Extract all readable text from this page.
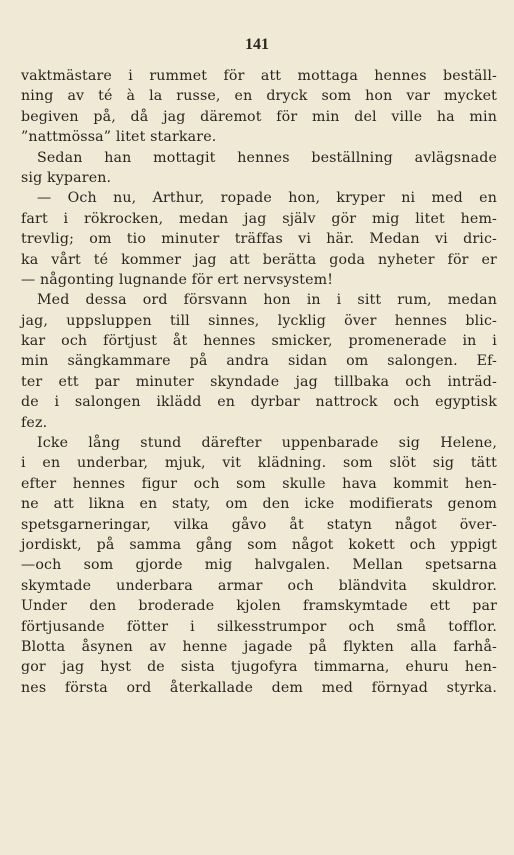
141
vaktmästare i rummet för att mottaga hennes beställ-
ning av té à la russe, en dryck som hon var mycket
begiven på, då jag däremot för min del ville ha min
”nattmössa” litet starkare.
Sedan han mottagit hennes beställning avlägsnade
sig kyparen.
— Och nu, Arthur, ropade hon, kryper ni med en
fart i rökrocken, medan jag själv gör mig litet hem-
trevlig; om tio minuter träffas vi här. Medan vi dric-
ka vårt té kommer jag att berätta goda nyheter för er
— någonting lugnande för ert nervsystem!
Med dessa ord försvann hon in i sitt rum, medan
jag, uppsluppen till sinnes, lycklig över hennes blic-
kar och förtjust åt hennes smicker, promenerade in i
min sängkammare på andra sidan om salongen. Ef-
ter ett par minuter skyndade jag tillbaka och inträd-
de i salongen iklädd en dyrbar nattrock och egyptisk
fez.
Icke lång stund därefter uppenbarade sig Helene,
i en underbar, mjuk, vit klädning. som slöt sig tätt
efter hennes figur och som skulle hava kommit hen-
ne att likna en staty, om den icke modifierats genom
spetsgarneringar, vilka gåvo åt statyn något över-
jordiskt, på samma gång som något kokett och yppigt
—och som gjorde mig halvgalen. Mellan spetsarna
skymtade underbara armar och bländvita skuldror.
Under den broderade kjolen framskymtade ett par
förtjusande fötter i silkesstrumpor och små tofflor.
Blotta åsynen av henne jagade på flykten alla farhå-
gor jag hyst de sista tjugofyra timmarna, ehuru hen-
nes första ord återkallade dem med förnyad styrka.
